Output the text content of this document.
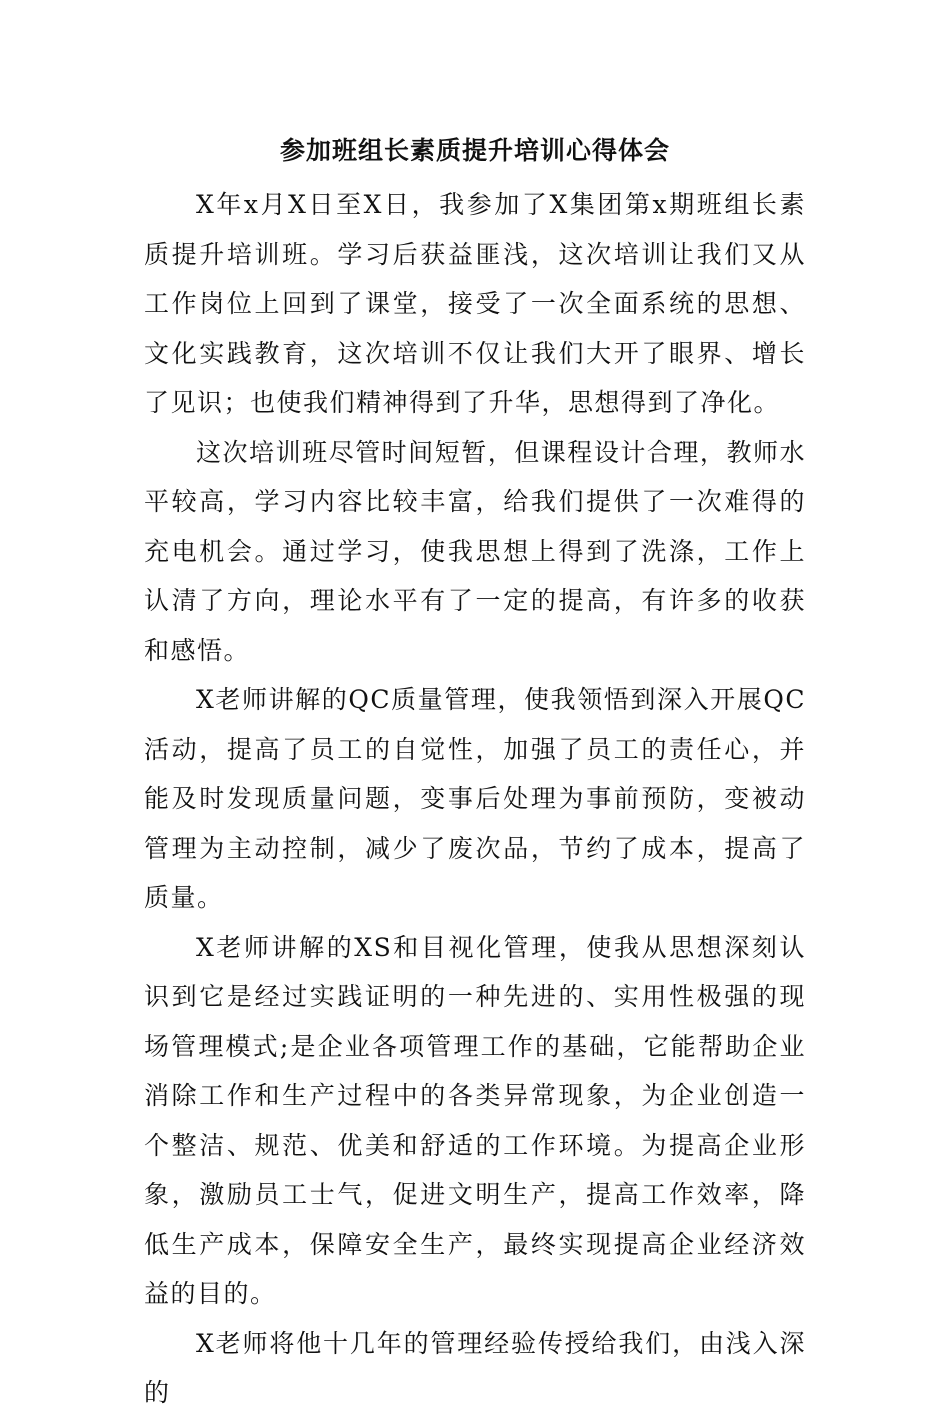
参加班组长素质提升培训心得体会

X年x月X日至X日，我参加了X集团第x期班组长素质提升培训班。学习后获益匪浅，这次培训让我们又从工作岗位上回到了课堂，接受了一次全面系统的思想、文化实践教育，这次培训不仅让我们大开了眼界、增长了见识；也使我们精神得到了升华，思想得到了净化。

这次培训班尽管时间短暂，但课程设计合理，教师水平较高，学习内容比较丰富，给我们提供了一次难得的充电机会。通过学习，使我思想上得到了洗涤，工作上认清了方向，理论水平有了一定的提高，有许多的收获和感悟。

X老师讲解的QC质量管理，使我领悟到深入开展QC活动，提高了员工的自觉性，加强了员工的责任心，并能及时发现质量问题，变事后处理为事前预防，变被动管理为主动控制，减少了废次品，节约了成本，提高了质量。

X老师讲解的XS和目视化管理，使我从思想深刻认识到它是经过实践证明的一种先进的、实用性极强的现场管理模式;是企业各项管理工作的基础，它能帮助企业消除工作和生产过程中的各类异常现象，为企业创造一个整洁、规范、优美和舒适的工作环境。为提高企业形象，激励员工士气，促进文明生产，提高工作效率，降低生产成本，保障安全生产，最终实现提高企业经济效益的目的。

X老师将他十几年的管理经验传授给我们，由浅入深的
